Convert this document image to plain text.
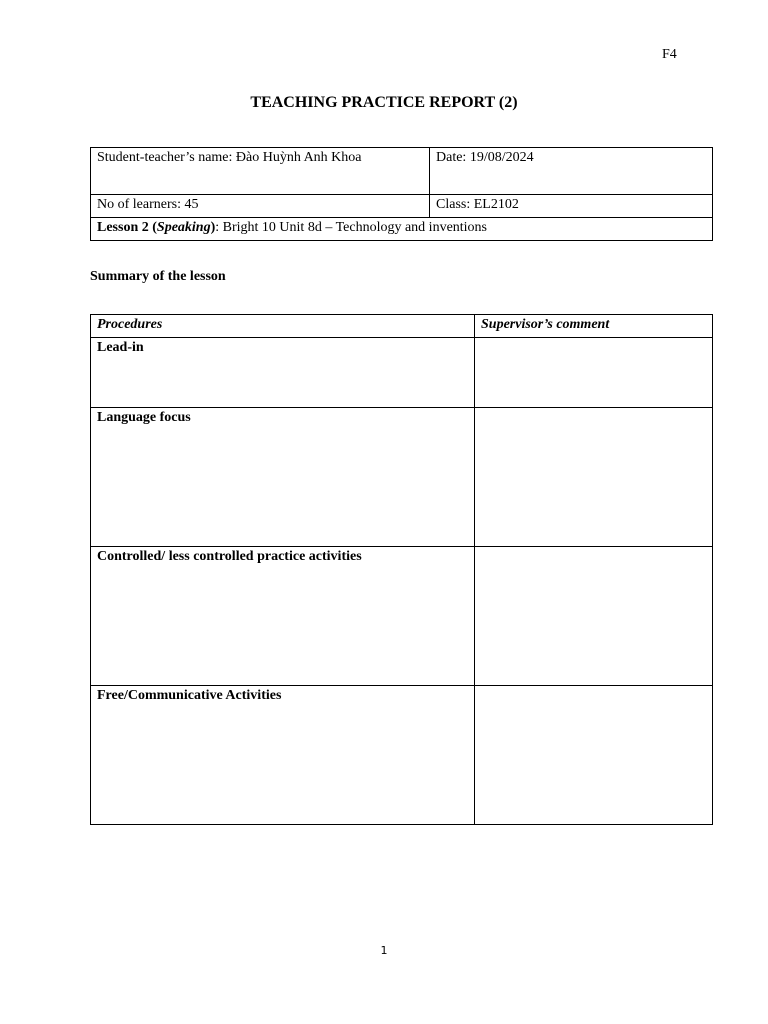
F4
TEACHING PRACTICE REPORT (2)
Student-teacher’s name: Đào Huỳnh Anh Khoa	Date: 19/08/2024
No of learners: 45	Class: EL2102
Lesson 2 (Speaking): Bright 10 Unit 8d – Technology and inventions	
Summary of the lesson
Procedures	Supervisor’s comment
Lead-in	
Language focus	
Controlled/ less controlled practice activities	
Free/Communicative Activities	
1
